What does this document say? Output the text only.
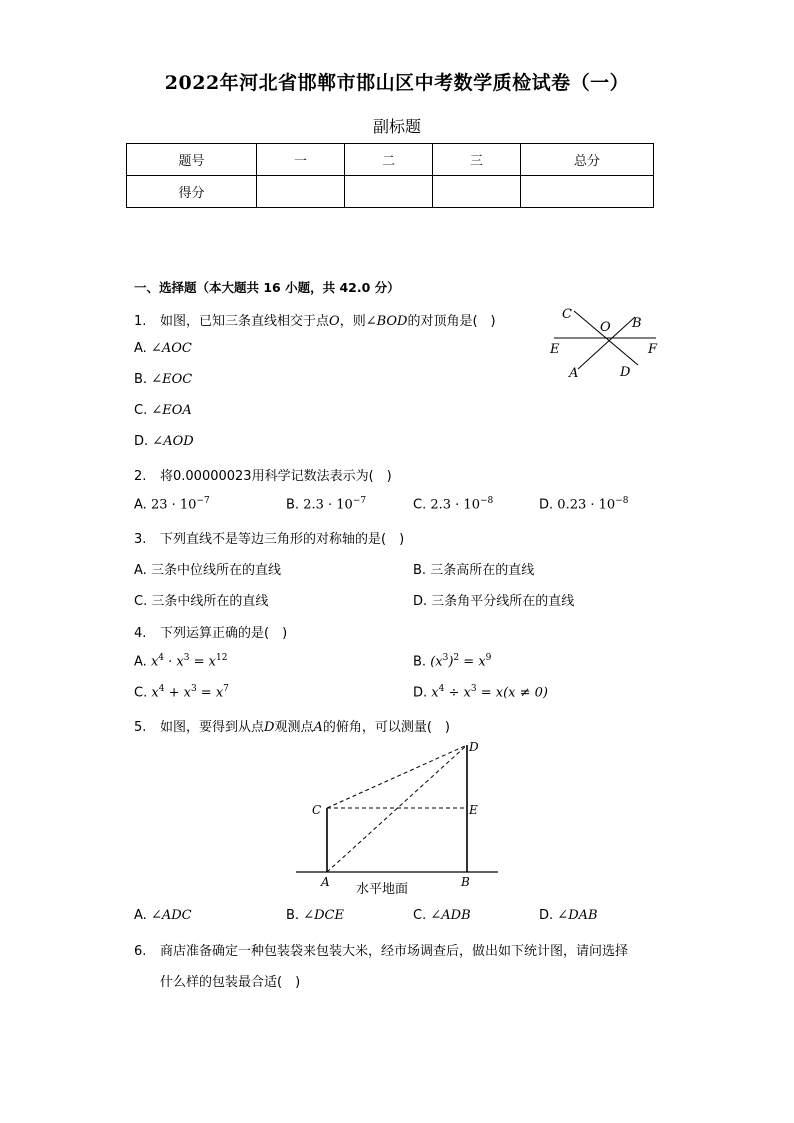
2022年河北省邯郸市邯山区中考数学质检试卷（一）
副标题
题号	一	二	三	总分
得分				
一、选择题（本大题共 16 小题，共 42.0 分）
1. 如图，已知三条直线相交于点O，则∠BOD的对顶角是(　)
A. ∠AOC
B. ∠EOC
C. ∠EOA
D. ∠AOD
C
O B
E	F
A	D
2. 将0.00000023用科学记数法表示为(　)
A. $23 \cdot 10^{-7}$	B. $2.3 \cdot 10^{-7}$	C. $2.3 \cdot 10^{-8}$	D. $0.23 \cdot 10^{-8}$
3. 下列直线不是等边三角形的对称轴的是(　)
A. 三条中位线所在的直线	B. 三条高所在的直线
C. 三条中线所在的直线	D. 三条角平分线所在的直线
4. 下列运算正确的是(　)
A. $x^4 \cdot x^3 = x^{12}$	B. $(x^3)^2 = x^9$
C. $x^4 + x^3 = x^7$	D. $x^4 \div x^3 = x(x \ne 0)$
5. 如图，要得到从点D观测点A的俯角，可以测量(　)
D
C	E
A	B
水平地面
A. ∠ADC	B. ∠DCE	C. ∠ADB	D. ∠DAB
6. 商店准备确定一种包装袋来包装大米，经市场调查后，做出如下统计图，请问选择
什么样的包装最合适(　)
